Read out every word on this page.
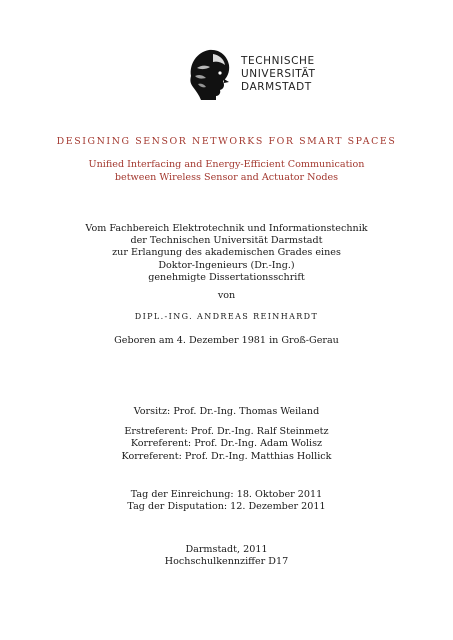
TECHNISCHE
UNIVERSITÄT
DARMSTADT
DESIGNING SENSOR NETWORKS FOR SMART SPACES
Unified Interfacing and Energy-Efficient Communication
between Wireless Sensor and Actuator Nodes
Vom Fachbereich Elektrotechnik und Informationstechnik
der Technischen Universität Darmstadt
zur Erlangung des akademischen Grades eines
Doktor-Ingenieurs (Dr.-Ing.)
genehmigte Dissertationsschrift
von
DIPL.-ING. ANDREAS REINHARDT
Geboren am 4. Dezember 1981 in Groß-Gerau
Vorsitz: Prof. Dr.-Ing. Thomas Weiland
Erstreferent: Prof. Dr.-Ing. Ralf Steinmetz
Korreferent: Prof. Dr.-Ing. Adam Wolisz
Korreferent: Prof. Dr.-Ing. Matthias Hollick
Tag der Einreichung: 18. Oktober 2011
Tag der Disputation: 12. Dezember 2011
Darmstadt, 2011
Hochschulkennziffer D17
